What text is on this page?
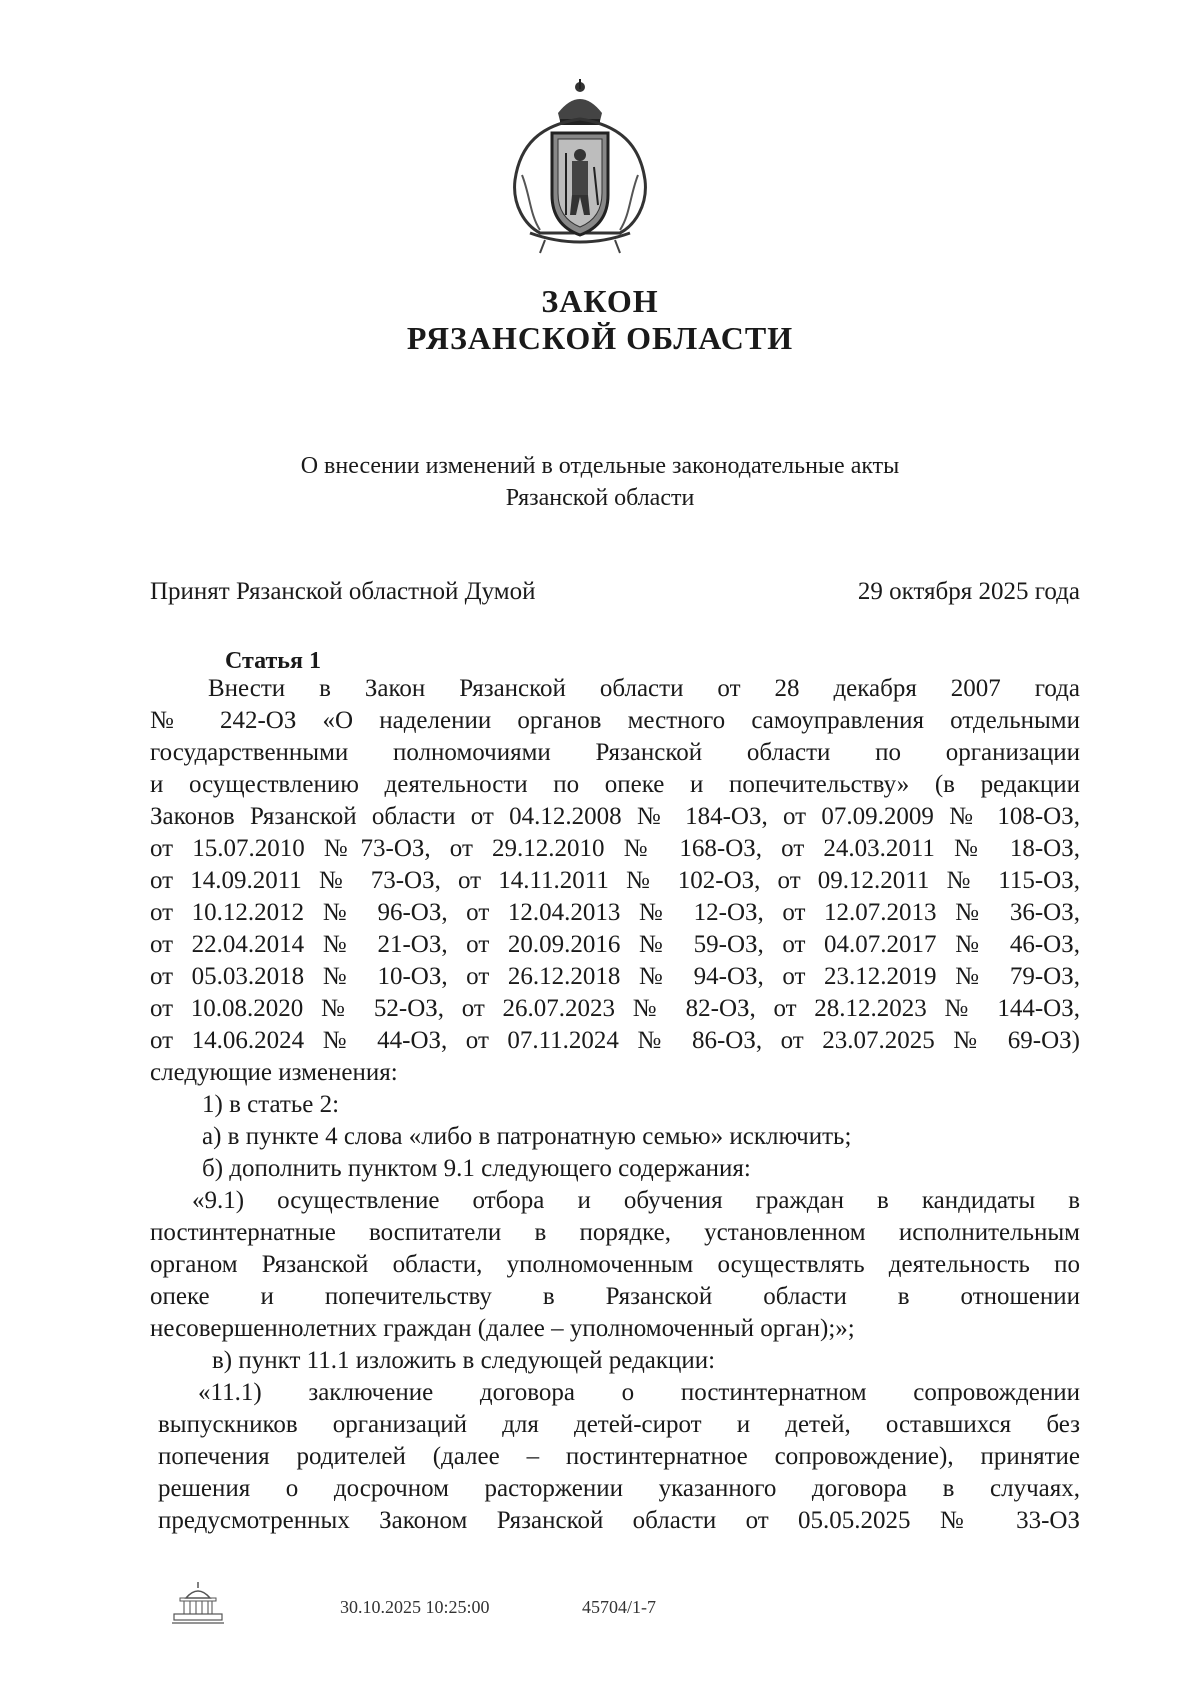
ЗАКОН
РЯЗАНСКОЙ ОБЛАСТИ
О внесении изменений в отдельные законодательные акты
Рязанской области
Принят Рязанской областной Думой	29 октября 2025 года
Статья 1

Внести в Закон Рязанской области от 28 декабря 2007 года

№ 242-ОЗ «О наделении органов местного самоуправления отдельными

государственными полномочиями Рязанской области по организации

и осуществлению деятельности по опеке и попечительству» (в редакции

Законов Рязанской области от 04.12.2008 № 184-ОЗ, от 07.09.2009 № 108-ОЗ,

от 15.07.2010 №73-ОЗ, от 29.12.2010 № 168-ОЗ, от 24.03.2011 № 18-ОЗ,

от 14.09.2011 № 73-ОЗ, от 14.11.2011 № 102-ОЗ, от 09.12.2011 № 115-ОЗ,

от 10.12.2012 № 96-ОЗ, от 12.04.2013 № 12-ОЗ, от 12.07.2013 № 36-ОЗ,

от 22.04.2014 № 21-ОЗ, от 20.09.2016 № 59-ОЗ, от 04.07.2017 № 46-ОЗ,

от 05.03.2018 № 10-ОЗ, от 26.12.2018 № 94-ОЗ, от 23.12.2019 № 79-ОЗ,

от 10.08.2020 № 52-ОЗ, от 26.07.2023 № 82-ОЗ, от 28.12.2023 № 144-ОЗ,

от 14.06.2024 № 44-ОЗ, от 07.11.2024 № 86-ОЗ, от 23.07.2025 № 69-ОЗ)

следующие изменения:

1) в статье 2:

а) в пункте 4 слова «либо в патронатную семью» исключить;

б) дополнить пунктом 9.1 следующего содержания:

«9.1) осуществление отбора и обучения граждан в кандидаты в

постинтернатные воспитатели в порядке, установленном исполнительным

органом Рязанской области, уполномоченным осуществлять деятельность по

опеке и попечительству в Рязанской области в отношении

несовершеннолетних граждан (далее – уполномоченный орган);»;

в) пункт 11.1 изложить в следующей редакции:

«11.1) заключение договора о постинтернатном сопровождении

выпускников организаций для детей-сирот и детей, оставшихся без

попечения родителей (далее – постинтернатное сопровождение), принятие

решения о досрочном расторжении указанного договора в случаях,

предусмотренных Законом Рязанской области от 05.05.2025 № 33-ОЗ

30.10.2025 10:25:00	45704/1-7
